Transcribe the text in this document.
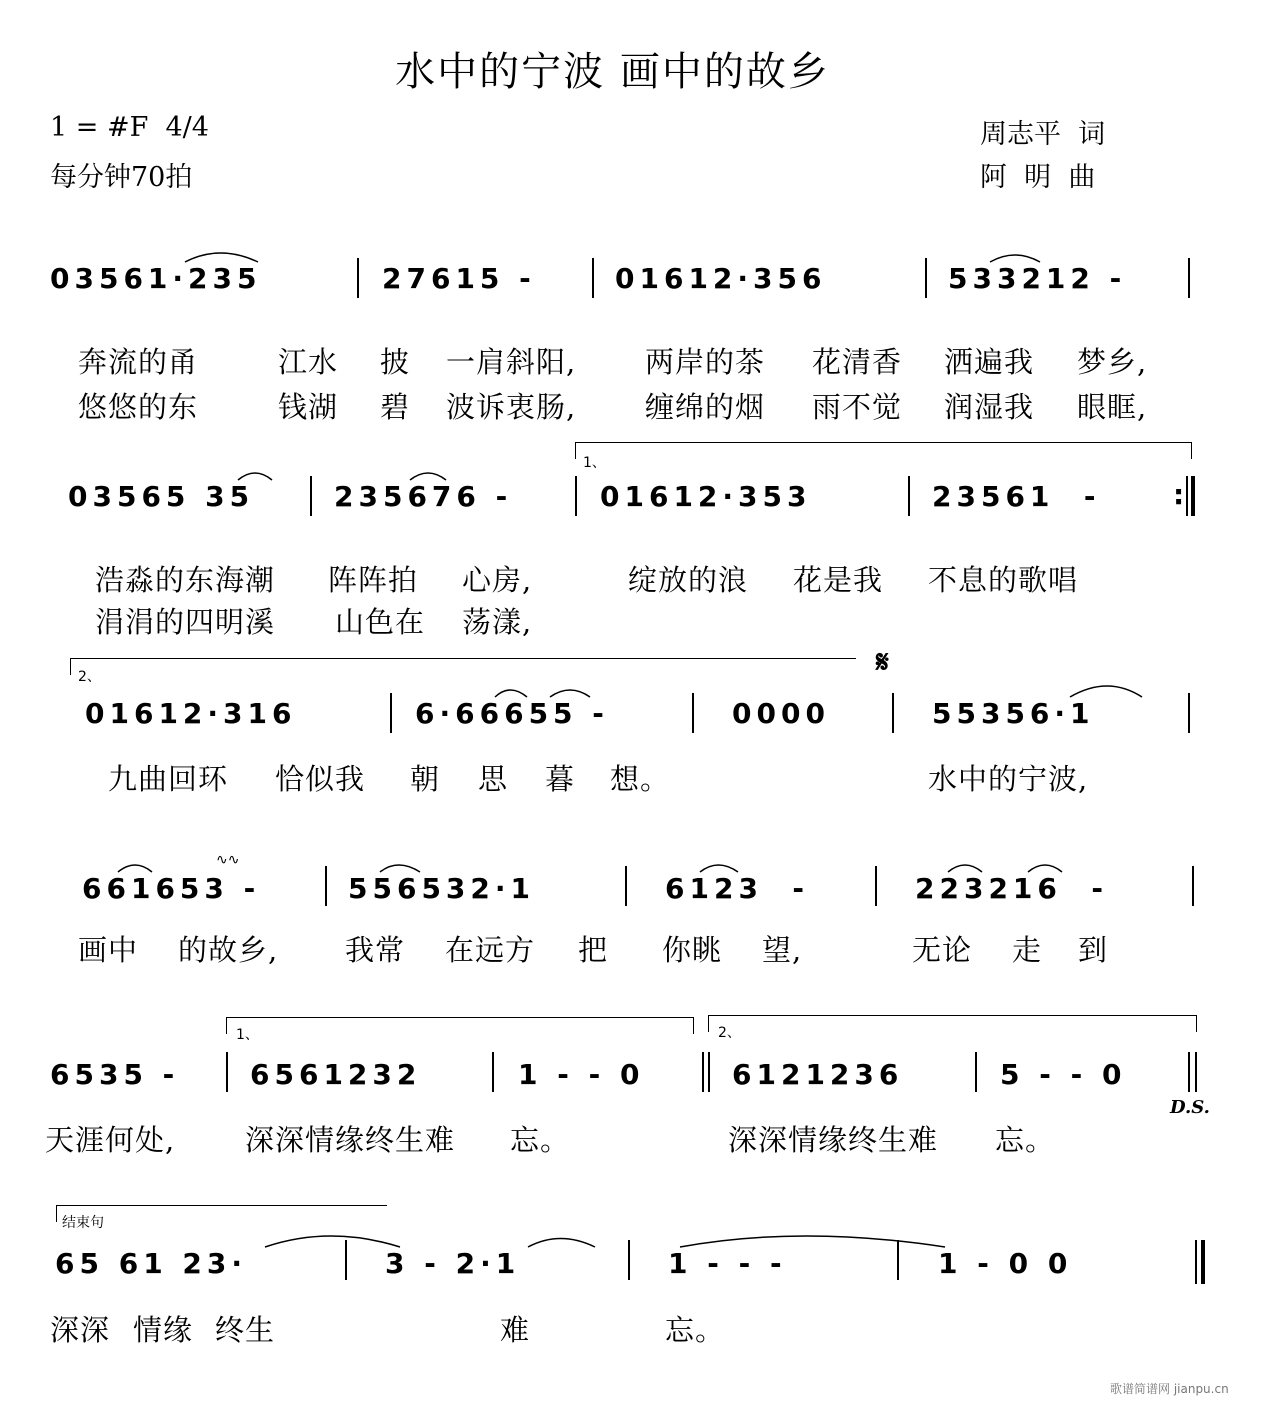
水中的宁波 画中的故乡
1 = #F  4/4
每分钟70拍
周志平  词
阿  明  曲
03561·235	27615 -	01612·356	533212 -
奔流的甬	江水 披 一肩斜阳, 两岸的茶 花清香 洒遍我 梦乡,
悠悠的东	钱湖 碧 波诉衷肠, 缠绵的烟 雨不觉 润湿我 眼眶,
1、
03565 35	235676 -	01612·353	23561  -	:
浩淼的东海潮 阵阵拍 心房,	绽放的浪 花是我 不息的歌唱
涓涓的四明溪 山色在 荡漾,
2、	𝄋
01612·316	6·66655 -	0000	55356·1
九曲回环 恰似我 朝 思 暮 想。	水中的宁波,
∿∿
661653 -	556532·1	6123  -	223216  -
画中 的故乡, 我常 在远方 把 你眺 望,	无论 走 到
1、	2、
6535 -	6561232	1 - - 0	6121236	5 - - 0
D.S.
天涯何处, 深深情缘终生难 忘。	深深情缘终生难 忘。
结束句
65 61 23·	3 - 2·1	1 - - -	1 - 0 0
深深 情缘 终生	难	忘。
歌谱简谱网 jianpu.cn
